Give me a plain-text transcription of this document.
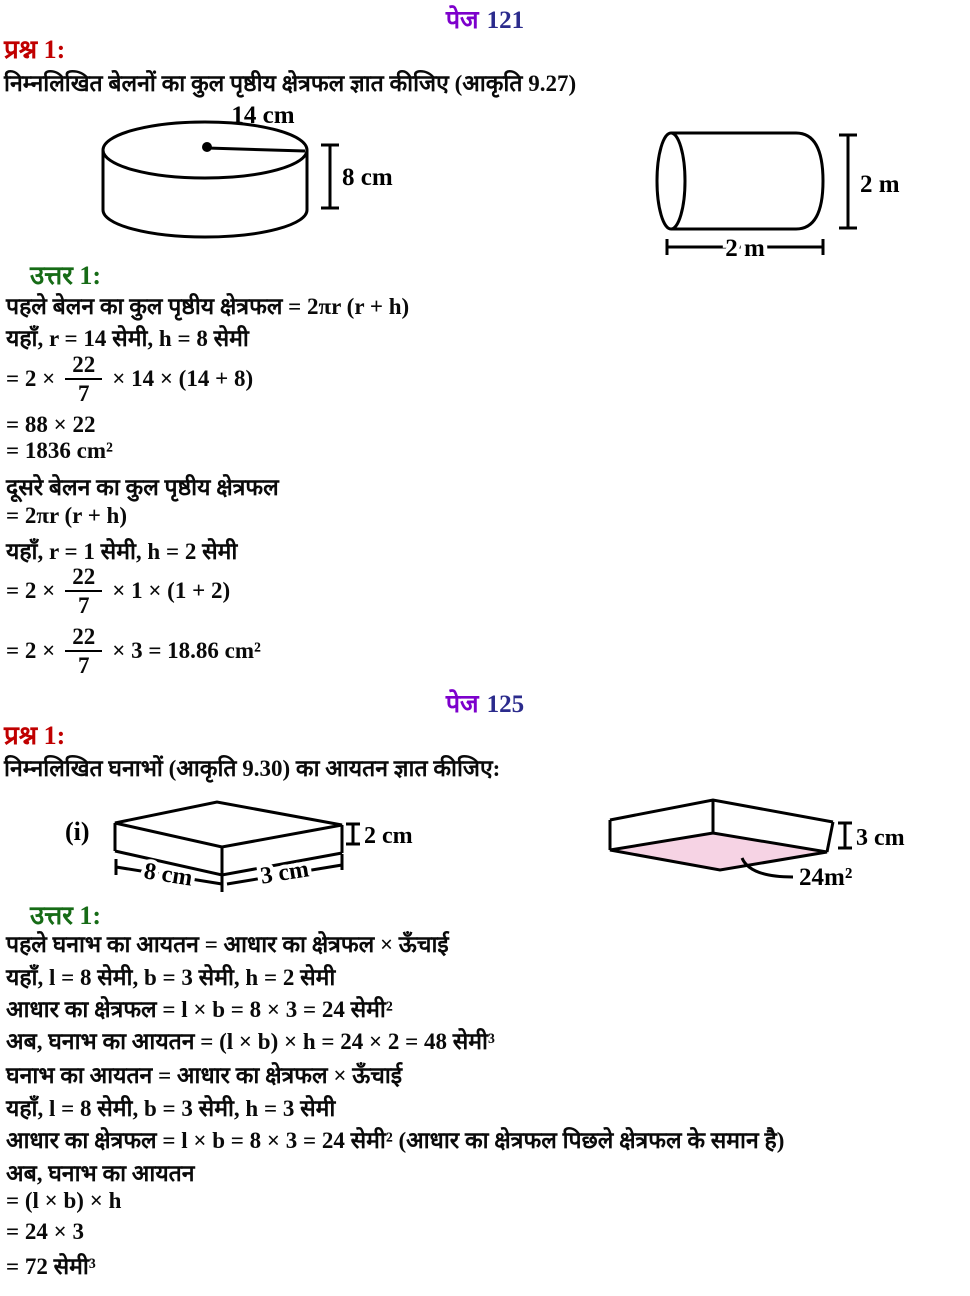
पेज 121
प्रश्न 1:
निम्नलिखित बेलनों का कुल पृष्ठीय क्षेत्रफल ज्ञात कीजिए (आकृति 9.27)
14 cm
8 cm	2 m
2 m
उत्तर 1:
पहले बेलन का कुल पृष्ठीय क्षेत्रफल = 2πr (r + h)
यहाँ, r = 14 सेमी, h = 8 सेमी
= $2 \times \frac{22}{7} \times 14 \times (14 + 8)$
= 88 × 22
= 1836 cm²
दूसरे बेलन का कुल पृष्ठीय क्षेत्रफल
= 2πr (r + h)
यहाँ, r = 1 सेमी, h = 2 सेमी
= $2 \times \frac{22}{7} \times 1 \times (1 + 2)$
= $2 \times \frac{22}{7} \times 3 = 18.86$ cm²
पेज 125
प्रश्न 1:
निम्नलिखित घनाभों (आकृति 9.30) का आयतन ज्ञात कीजिए:
(i)	2 cm
8 cm	3 cm
3 cm
24m²
उत्तर 1:
पहले घनाभ का आयतन = आधार का क्षेत्रफल × ऊँचाई
यहाँ, l = 8 सेमी, b = 3 सेमी, h = 2 सेमी
आधार का क्षेत्रफल = l × b = 8 × 3 = 24 सेमी²
अब, घनाभ का आयतन = (l × b) × h = 24 × 2 = 48 सेमी³
घनाभ का आयतन = आधार का क्षेत्रफल × ऊँचाई
यहाँ, l = 8 सेमी, b = 3 सेमी, h = 3 सेमी
आधार का क्षेत्रफल = l × b = 8 × 3 = 24 सेमी² (आधार का क्षेत्रफल पिछले क्षेत्रफल के समान है)
अब, घनाभ का आयतन
= (l × b) × h
= 24 × 3
= 72 सेमी³
